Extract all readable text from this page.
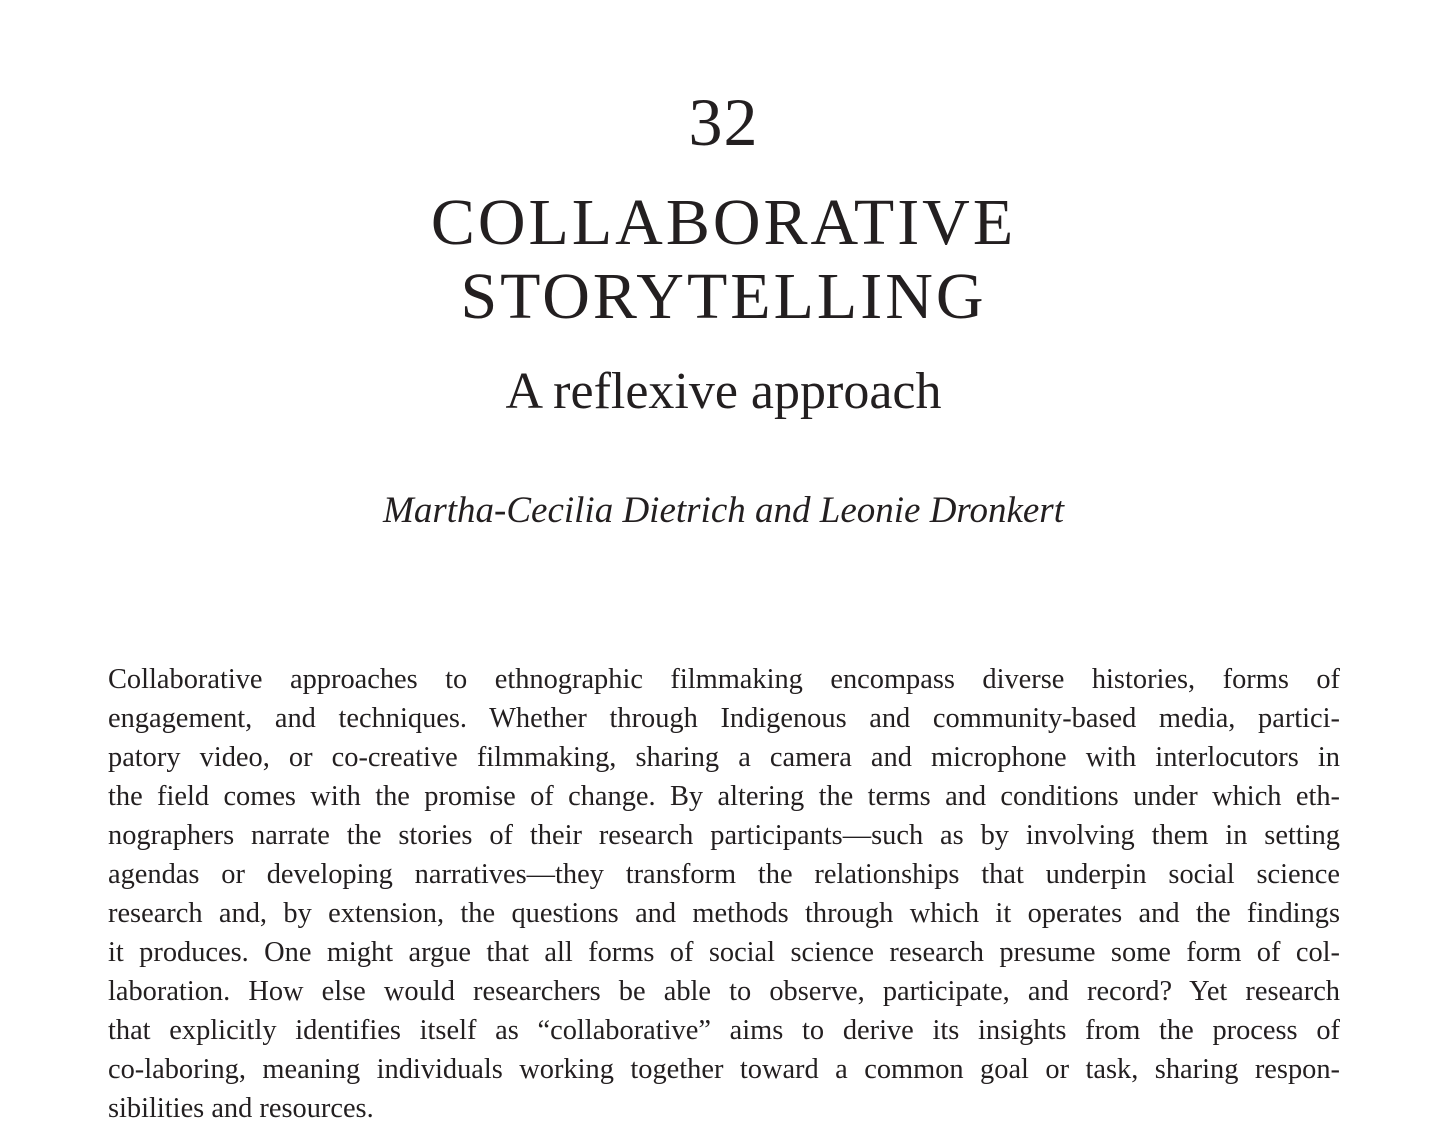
32
COLLABORATIVE
STORYTELLING
A reflexive approach
Martha-Cecilia Dietrich and Leonie Dronkert

Collaborative approaches to ethnographic filmmaking encompass diverse histories, forms of
engagement, and techniques. Whether through Indigenous and community-based media, partici-
patory video, or co-creative filmmaking, sharing a camera and microphone with interlocutors in
the field comes with the promise of change. By altering the terms and conditions under which eth-
nographers narrate the stories of their research participants—such as by involving them in setting
agendas or developing narratives—they transform the relationships that underpin social science
research and, by extension, the questions and methods through which it operates and the findings
it produces. One might argue that all forms of social science research presume some form of col-
laboration. How else would researchers be able to observe, participate, and record? Yet research
that explicitly identifies itself as “collaborative” aims to derive its insights from the process of
co-laboring, meaning individuals working together toward a common goal or task, sharing respon-
sibilities and resources.
